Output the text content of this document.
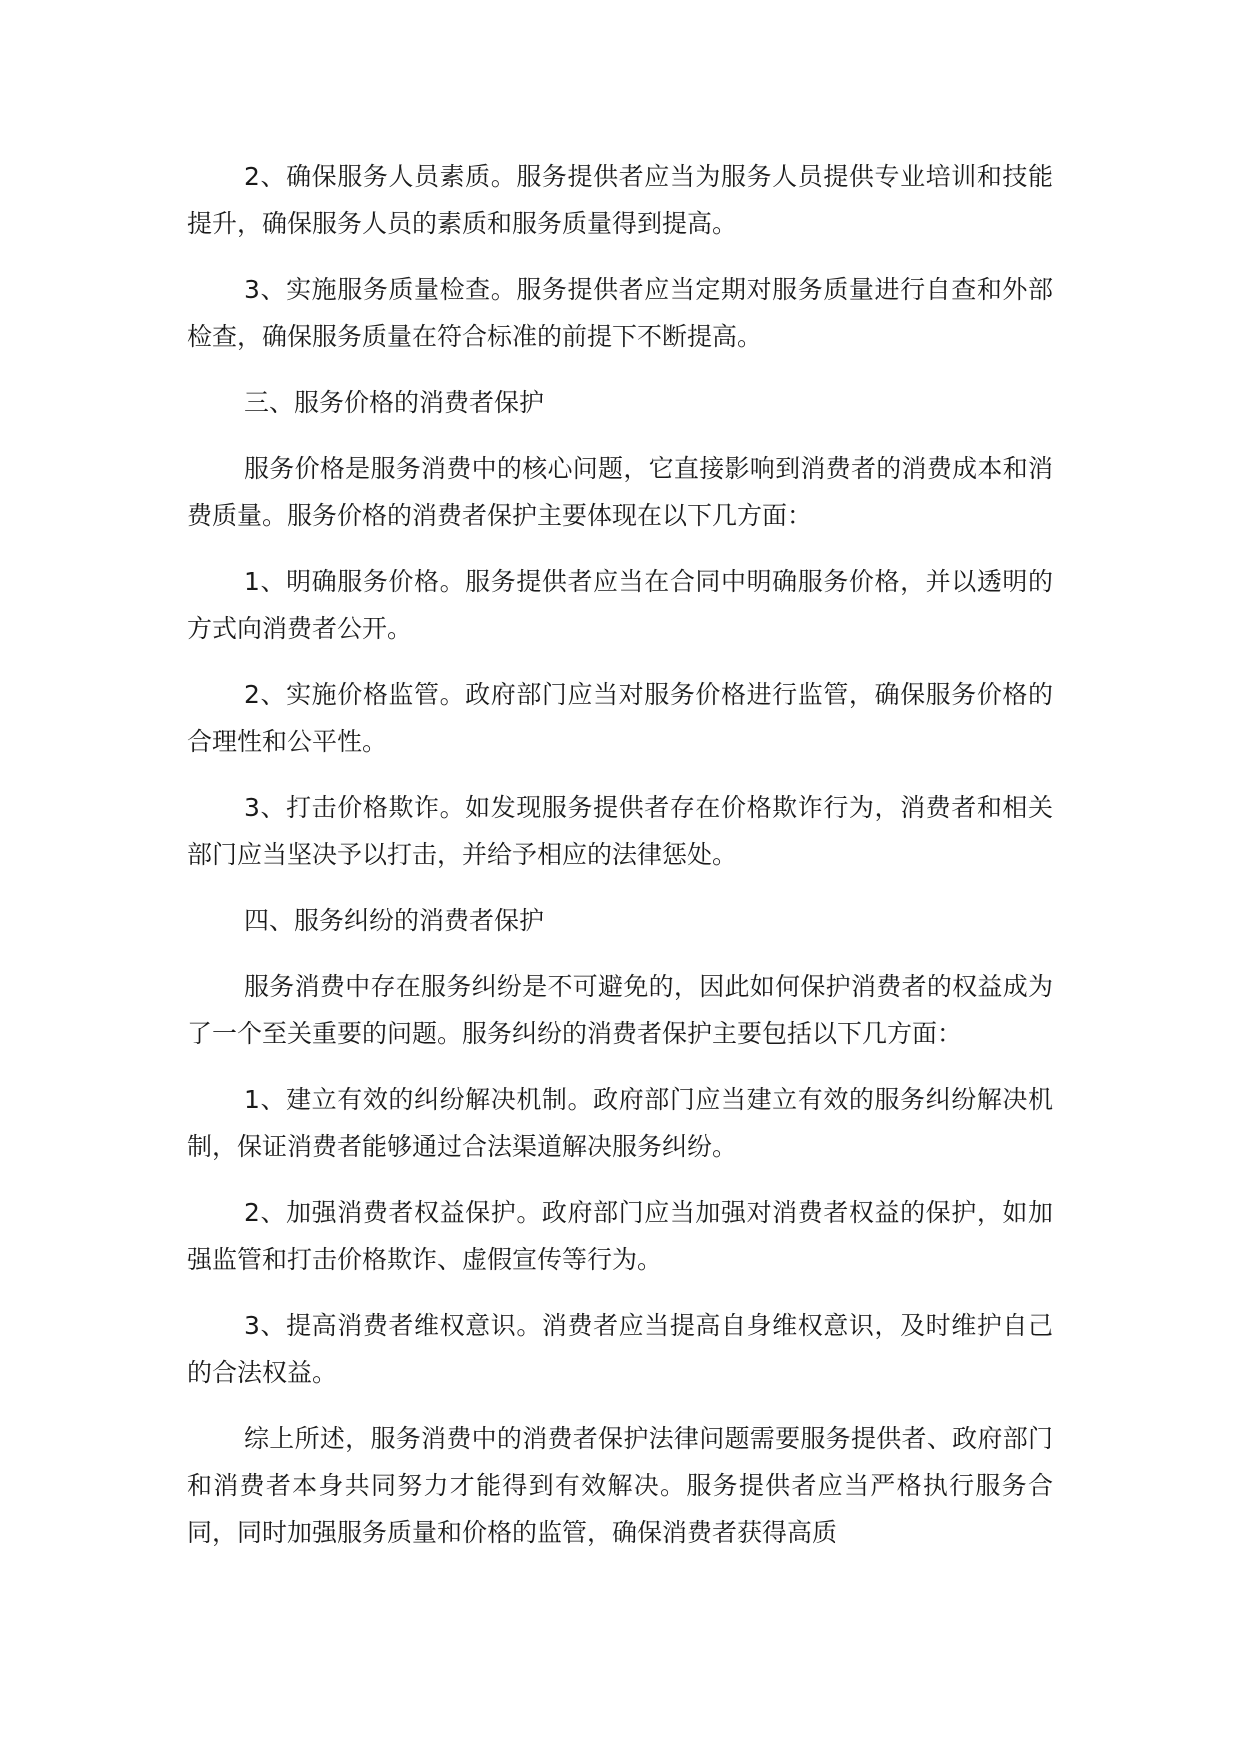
2、确保服务人员素质。服务提供者应当为服务人员提供专业培训和技能提升，确保服务人员的素质和服务质量得到提高。

3、实施服务质量检查。服务提供者应当定期对服务质量进行自查和外部检查，确保服务质量在符合标准的前提下不断提高。

三、服务价格的消费者保护

服务价格是服务消费中的核心问题，它直接影响到消费者的消费成本和消费质量。服务价格的消费者保护主要体现在以下几方面：

1、明确服务价格。服务提供者应当在合同中明确服务价格，并以透明的方式向消费者公开。

2、实施价格监管。政府部门应当对服务价格进行监管，确保服务价格的合理性和公平性。

3、打击价格欺诈。如发现服务提供者存在价格欺诈行为，消费者和相关部门应当坚决予以打击，并给予相应的法律惩处。

四、服务纠纷的消费者保护

服务消费中存在服务纠纷是不可避免的，因此如何保护消费者的权益成为了一个至关重要的问题。服务纠纷的消费者保护主要包括以下几方面：

1、建立有效的纠纷解决机制。政府部门应当建立有效的服务纠纷解决机制，保证消费者能够通过合法渠道解决服务纠纷。

2、加强消费者权益保护。政府部门应当加强对消费者权益的保护，如加强监管和打击价格欺诈、虚假宣传等行为。

3、提高消费者维权意识。消费者应当提高自身维权意识，及时维护自己的合法权益。

综上所述，服务消费中的消费者保护法律问题需要服务提供者、政府部门和消费者本身共同努力才能得到有效解决。服务提供者应当严格执行服务合同，同时加强服务质量和价格的监管，确保消费者获得高质
